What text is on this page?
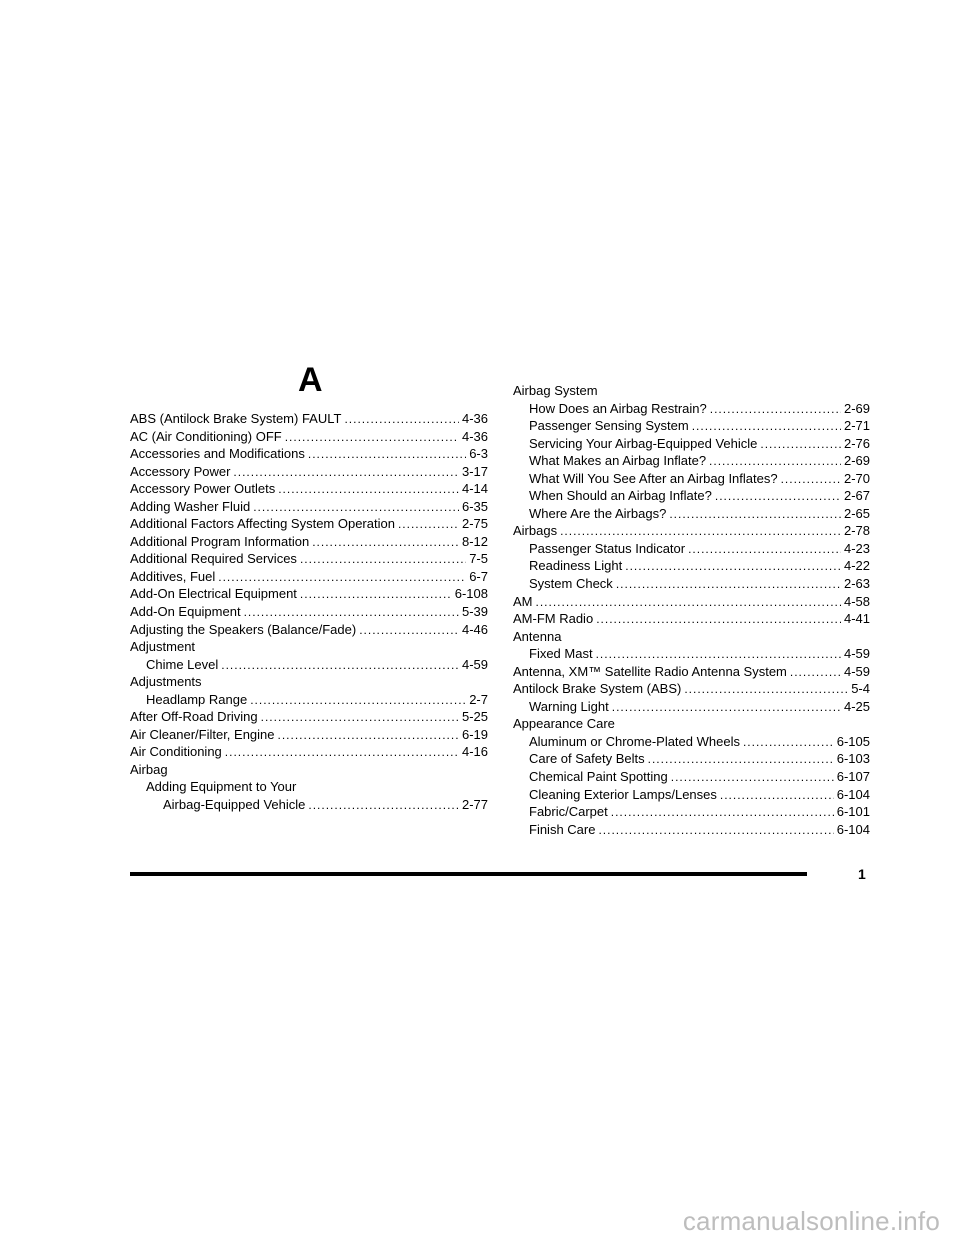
A
ABS (Antilock Brake System) FAULT .....	4-36
AC (Air Conditioning) OFF .....	4-36
Accessories and Modifications .....	6-3
Accessory Power .....	3-17
Accessory Power Outlets .....	4-14
Adding Washer Fluid .....	6-35
Additional Factors Affecting System Operation .....	2-75
Additional Program Information .....	8-12
Additional Required Services .....	7-5
Additives, Fuel .....	6-7
Add-On Electrical Equipment .....	6-108
Add-On Equipment .....	5-39
Adjusting the Speakers (Balance/Fade) .....	4-46
Adjustment
Chime Level .....	4-59
Adjustments
Headlamp Range .....	2-7
After Off-Road Driving .....	5-25
Air Cleaner/Filter, Engine .....	6-19
Air Conditioning .....	4-16
Airbag
Adding Equipment to Your
Airbag-Equipped Vehicle .....	2-77
Airbag System
How Does an Airbag Restrain? .....	2-69
Passenger Sensing System .....	2-71
Servicing Your Airbag-Equipped Vehicle .....	2-76
What Makes an Airbag Inflate? .....	2-69
What Will You See After an Airbag Inflates? .....	2-70
When Should an Airbag Inflate? .....	2-67
Where Are the Airbags? .....	2-65
Airbags .....	2-78
Passenger Status Indicator .....	4-23
Readiness Light .....	4-22
System Check .....	2-63
AM .....	4-58
AM-FM Radio .....	4-41
Antenna
Fixed Mast .....	4-59
Antenna, XM™ Satellite Radio Antenna System .....	4-59
Antilock Brake System (ABS) .....	5-4
Warning Light .....	4-25
Appearance Care
Aluminum or Chrome-Plated Wheels .....	6-105
Care of Safety Belts .....	6-103
Chemical Paint Spotting .....	6-107
Cleaning Exterior Lamps/Lenses .....	6-104
Fabric/Carpet .....	6-101
Finish Care .....	6-104
1
carmanualsonline.info
